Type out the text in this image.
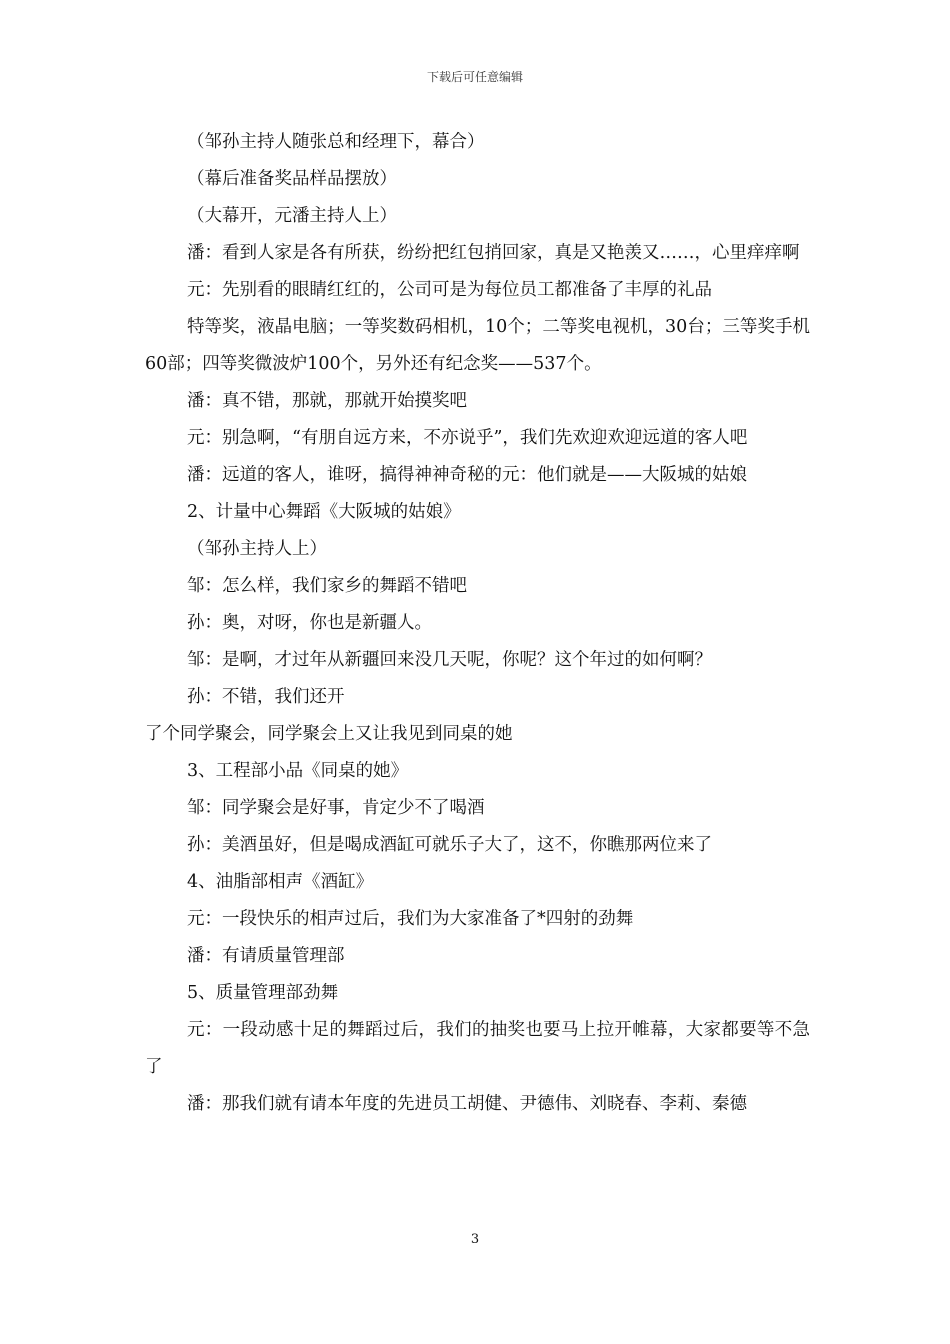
下载后可任意编辑

（邹孙主持人随张总和经理下，幕合）

（幕后准备奖品样品摆放）

（大幕开，元潘主持人上）

潘：看到人家是各有所获，纷纷把红包捎回家，真是又艳羡又……，心里痒痒啊

元：先别看的眼睛红红的，公司可是为每位员工都准备了丰厚的礼品

特等奖，液晶电脑；一等奖数码相机，10个；二等奖电视机，30台；三等奖手机60部；四等奖微波炉100个，另外还有纪念奖——537个。

潘：真不错，那就，那就开始摸奖吧

元：别急啊，“有朋自远方来，不亦说乎”，我们先欢迎欢迎远道的客人吧

潘：远道的客人，谁呀，搞得神神奇秘的元：他们就是——大阪城的姑娘

2、计量中心舞蹈《大阪城的姑娘》

（邹孙主持人上）

邹：怎么样，我们家乡的舞蹈不错吧

孙：奥，对呀，你也是新疆人。

邹：是啊，才过年从新疆回来没几天呢，你呢？这个年过的如何啊？

孙：不错，我们还开

了个同学聚会，同学聚会上又让我见到同桌的她

3、工程部小品《同桌的她》

邹：同学聚会是好事，肯定少不了喝酒

孙：美酒虽好，但是喝成酒缸可就乐子大了，这不，你瞧那两位来了

4、油脂部相声《酒缸》

元：一段快乐的相声过后，我们为大家准备了*四射的劲舞

潘：有请质量管理部

5、质量管理部劲舞

元：一段动感十足的舞蹈过后，我们的抽奖也要马上拉开帷幕，大家都要等不急了

潘：那我们就有请本年度的先进员工胡健、尹德伟、刘晓春、李莉、秦德

3
